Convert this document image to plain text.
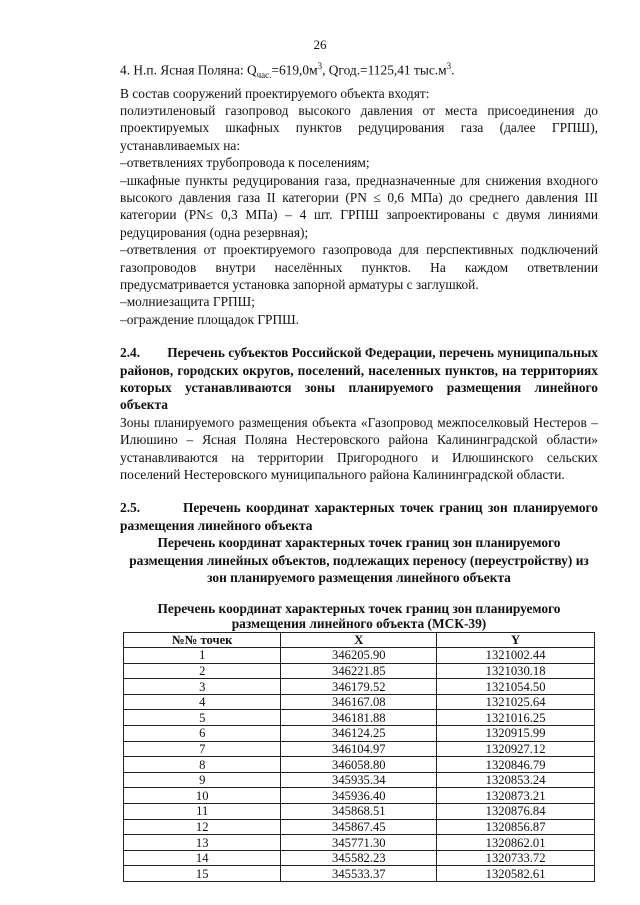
26

4. Н.п. Ясная Поляна: $Q_{час.}=619,0м^3$, Qгод.=1125,41 $тыс.м^3$.

В состав сооружений проектируемого объекта входят:

полиэтиленовый газопровод высокого давления от места присоединения до проектируемых шкафных пунктов редуцирования газа (далее ГРПШ), устанавливаемых на:

–ответвлениях трубопровода к поселениям;

–шкафные пункты редуцирования газа, предназначенные для снижения входного высокого давления газа II категории (PN ≤ 0,6 МПа) до среднего давления III категории (PN≤ 0,3 МПа) – 4 шт. ГРПШ запроектированы с двумя линиями редуцирования (одна резервная);

–ответвления от проектируемого газопровода для перспективных подключений газопроводов внутри населённых пунктов. На каждом ответвлении предусматривается установка запорной арматуры с заглушкой.

–молниезащита ГРПШ;

–ограждение площадок ГРПШ.

2.4. Перечень субъектов Российской Федерации, перечень муниципальных районов, городских округов, поселений, населенных пунктов, на территориях которых устанавливаются зоны планируемого размещения линейного объекта

Зоны планируемого размещения объекта «Газопровод межпоселковый Нестеров – Илюшино – Ясная Поляна Нестеровского района Калининградской области» устанавливаются на территории Пригородного и Илюшинского сельских поселений Нестеровского муниципального района Калининградской области.

2.5.	Перечень координат характерных точек границ зон планируемого размещения линейного объекта

Перечень координат характерных точек границ зон планируемого размещения линейных объектов, подлежащих переносу (переустройству) из зон планируемого размещения линейного объекта

Перечень координат характерных точек границ зон планируемого размещения линейного объекта (МСК-39)

№№ точек	X	Y
1	346205.90	1321002.44
2	346221.85	1321030.18
3	346179.52	1321054.50
4	346167.08	1321025.64
5	346181.88	1321016.25
6	346124.25	1320915.99
7	346104.97	1320927.12
8	346058.80	1320846.79
9	345935.34	1320853.24
10	345936.40	1320873.21
11	345868.51	1320876.84
12	345867.45	1320856.87
13	345771.30	1320862.01
14	345582.23	1320733.72
15	345533.37	1320582.61
